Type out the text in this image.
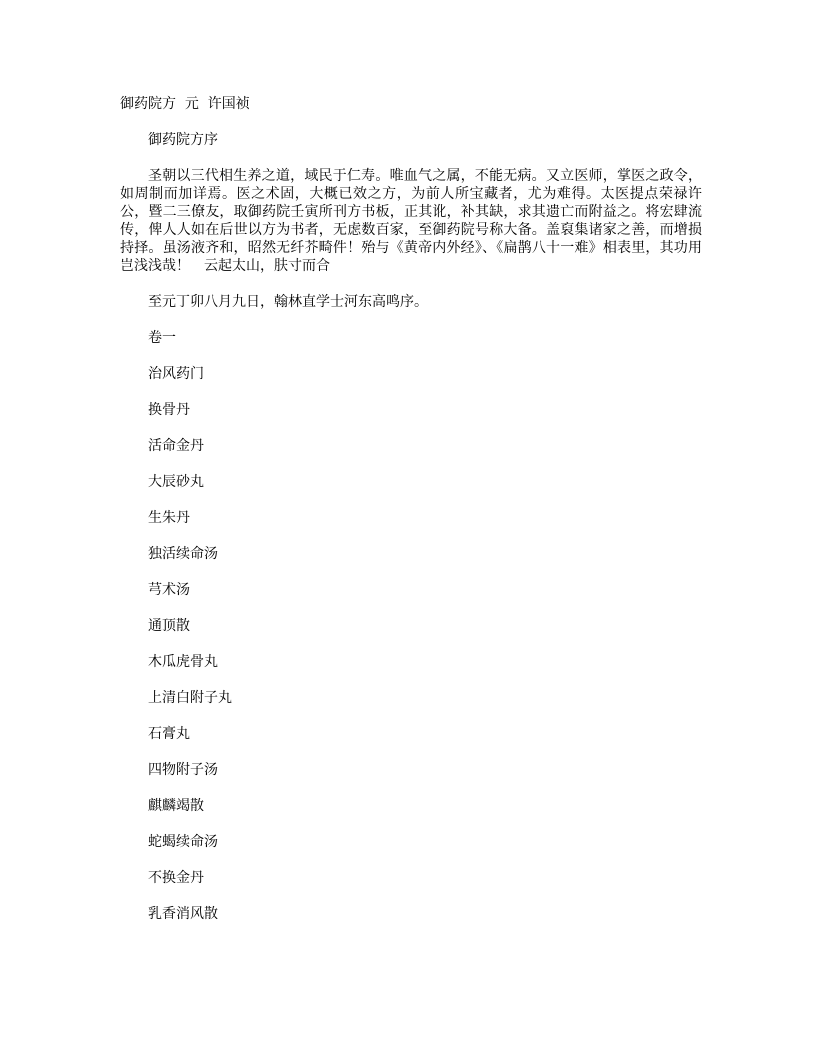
御药院方  元  许国祯

御药院方序

圣朝以三代相生养之道，域民于仁寿。唯血气之属，不能无病。又立医师，掌医之政令，如周制而加详焉。医之术固，大概已效之方，为前人所宝藏者，尤为难得。太医提点荣禄许公，暨二三僚友，取御药院壬寅所刊方书板，正其讹，补其缺，求其遗亡而附益之。将宏肆流传，俾人人如在后世以方为书者，无虑数百家，至御药院号称大备。盖裒集诸家之善，而增损持择。虽汤液齐和，昭然无纤芥畸件！殆与《黄帝内外经》、《扁鹊八十一难》相表里，其功用岂浅浅哉！　云起太山，肤寸而合

至元丁卯八月九日，翰林直学士河东高鸣序。

卷一

治风药门

换骨丹

活命金丹

大辰砂丸

生朱丹

独活续命汤

芎术汤

通顶散

木瓜虎骨丸

上清白附子丸

石膏丸

四物附子汤

麒麟竭散

蛇蝎续命汤

不换金丹

乳香消风散
